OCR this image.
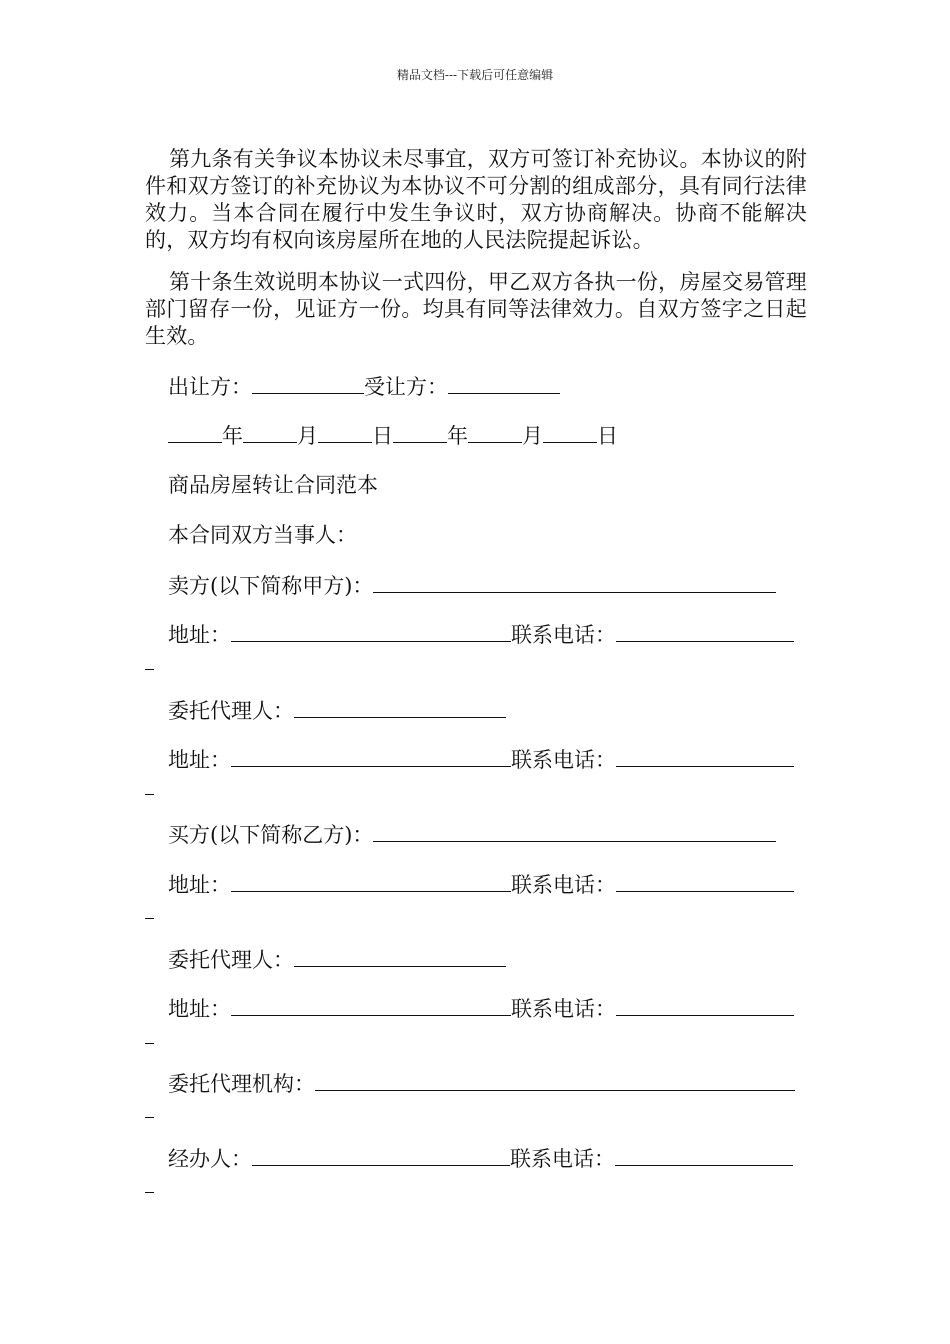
精品文档---下载后可任意编辑
第九条有关争议本协议未尽事宜，双方可签订补充协议。本协议的附件和双方签订的补充协议为本协议不可分割的组成部分，具有同行法律效力。当本合同在履行中发生争议时，双方协商解决。协商不能解决的，双方均有权向该房屋所在地的人民法院提起诉讼。
第十条生效说明本协议一式四份，甲乙双方各执一份，房屋交易管理部门留存一份，见证方一份。均具有同等法律效力。自双方签字之日起生效。
出让方：	受让方：
年	月	日	年	月	日
商品房屋转让合同范本
本合同双方当事人：
卖方(以下简称甲方)：
地址：	联系电话：
委托代理人：
地址：	联系电话：
买方(以下简称乙方)：
地址：	联系电话：
委托代理人：
地址：	联系电话：
委托代理机构：
经办人：	联系电话：
